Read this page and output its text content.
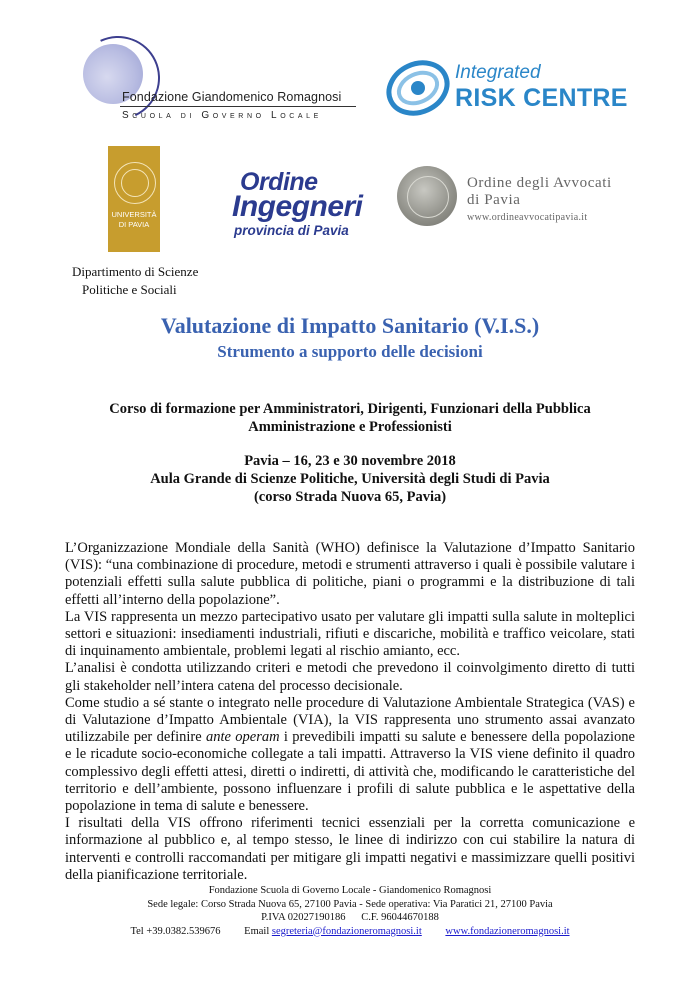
Fondazione Giandomenico Romagnosi
Scuola di Governo Locale
Integrated
RISK CENTRE
UNIVERSITÀ
DI PAVIA
Dipartimento di Scienze
Politiche e Sociali
Ordine
Ingegneri
provincia di Pavia
Ordine degli Avvocati
di Pavia
www.ordineavvocatipavia.it
Valutazione di Impatto Sanitario (V.I.S.)
Strumento a supporto delle decisioni
Corso di formazione per Amministratori, Dirigenti, Funzionari della Pubblica
Amministrazione e Professionisti
Pavia – 16, 23 e 30 novembre 2018
Aula Grande di Scienze Politiche, Università degli Studi di Pavia
(corso Strada Nuova 65, Pavia)

L’Organizzazione Mondiale della Sanità (WHO) definisce la Valutazione d’Impatto Sanitario (VIS): “una combinazione di procedure, metodi e strumenti attraverso i quali è possibile valutare i potenziali effetti sulla salute pubblica di politiche, piani o programmi e la distribuzione di tali effetti all’interno della popolazione”.

La VIS rappresenta un mezzo partecipativo usato per valutare gli impatti sulla salute in molteplici settori e situazioni: insediamenti industriali, rifiuti e discariche, mobilità e traffico veicolare, stati di inquinamento ambientale, problemi legati al rischio amianto, ecc.

L’analisi è condotta utilizzando criteri e metodi che prevedono il coinvolgimento diretto di tutti gli stakeholder nell’intera catena del processo decisionale.

Come studio a sé stante o integrato nelle procedure di Valutazione Ambientale Strategica (VAS) e di Valutazione d’Impatto Ambientale (VIA), la VIS rappresenta uno strumento assai avanzato utilizzabile per definire ante operam i prevedibili impatti su salute e benessere della popolazione e le ricadute socio-economiche collegate a tali impatti. Attraverso la VIS viene definito il quadro complessivo degli effetti attesi, diretti o indiretti, di attività che, modificando le caratteristiche del territorio e dell’ambiente, possono influenzare i profili di salute pubblica e le aspettative della popolazione in tema di salute e benessere.

I risultati della VIS offrono riferimenti tecnici essenziali per la corretta comunicazione e informazione al pubblico e, al tempo stesso, le linee di indirizzo con cui stabilire la natura di interventi e controlli raccomandati per mitigare gli impatti negativi e massimizzare quelli positivi della pianificazione territoriale.

Fondazione Scuola di Governo Locale - Giandomenico Romagnosi
Sede legale: Corso Strada Nuova 65, 27100 Pavia - Sede operativa: Via Paratici 21, 27100 Pavia
P.IVA 02027190186 C.F. 96044670188
Tel +39.0382.539676 Email segreteria@fondazioneromagnosi.it www.fondazioneromagnosi.it
